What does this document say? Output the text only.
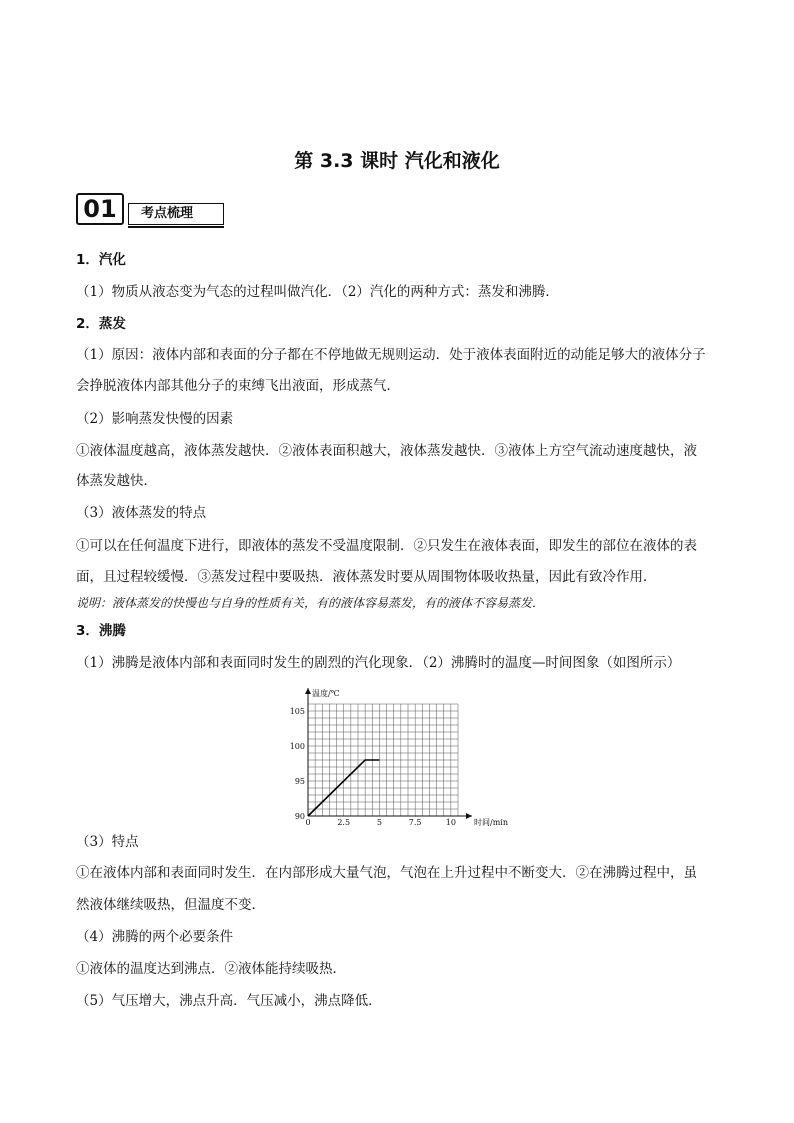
第 3.3 课时 汽化和液化
01	考点梳理
1．汽化
（1）物质从液态变为气态的过程叫做汽化．（2）汽化的两种方式：蒸发和沸腾．
2．蒸发
（1）原因：液体内部和表面的分子都在不停地做无规则运动．处于液体表面附近的动能足够大的液体分子
会挣脱液体内部其他分子的束缚飞出液面，形成蒸气．
（2）影响蒸发快慢的因素
①液体温度越高，液体蒸发越快．②液体表面积越大，液体蒸发越快．③液体上方空气流动速度越快，液
体蒸发越快．
（3）液体蒸发的特点
①可以在任何温度下进行，即液体的蒸发不受温度限制．②只发生在液体表面，即发生的部位在液体的表
面，且过程较缓慢．③蒸发过程中要吸热．液体蒸发时要从周围物体吸收热量，因此有致冷作用．
说明：液体蒸发的快慢也与自身的性质有关，有的液体容易蒸发，有的液体不容易蒸发．
3．沸腾
（1）沸腾是液体内部和表面同时发生的剧烈的汽化现象．（2）沸腾时的温度—时间图象（如图所示）
0	2.5	5	7.5	10
90
95
100
105
温度/℃
时间/min
（3）特点
①在液体内部和表面同时发生．在内部形成大量气泡，气泡在上升过程中不断变大．②在沸腾过程中，虽
然液体继续吸热，但温度不变．
（4）沸腾的两个必要条件
①液体的温度达到沸点．②液体能持续吸热．
（5）气压增大，沸点升高．气压减小，沸点降低．
